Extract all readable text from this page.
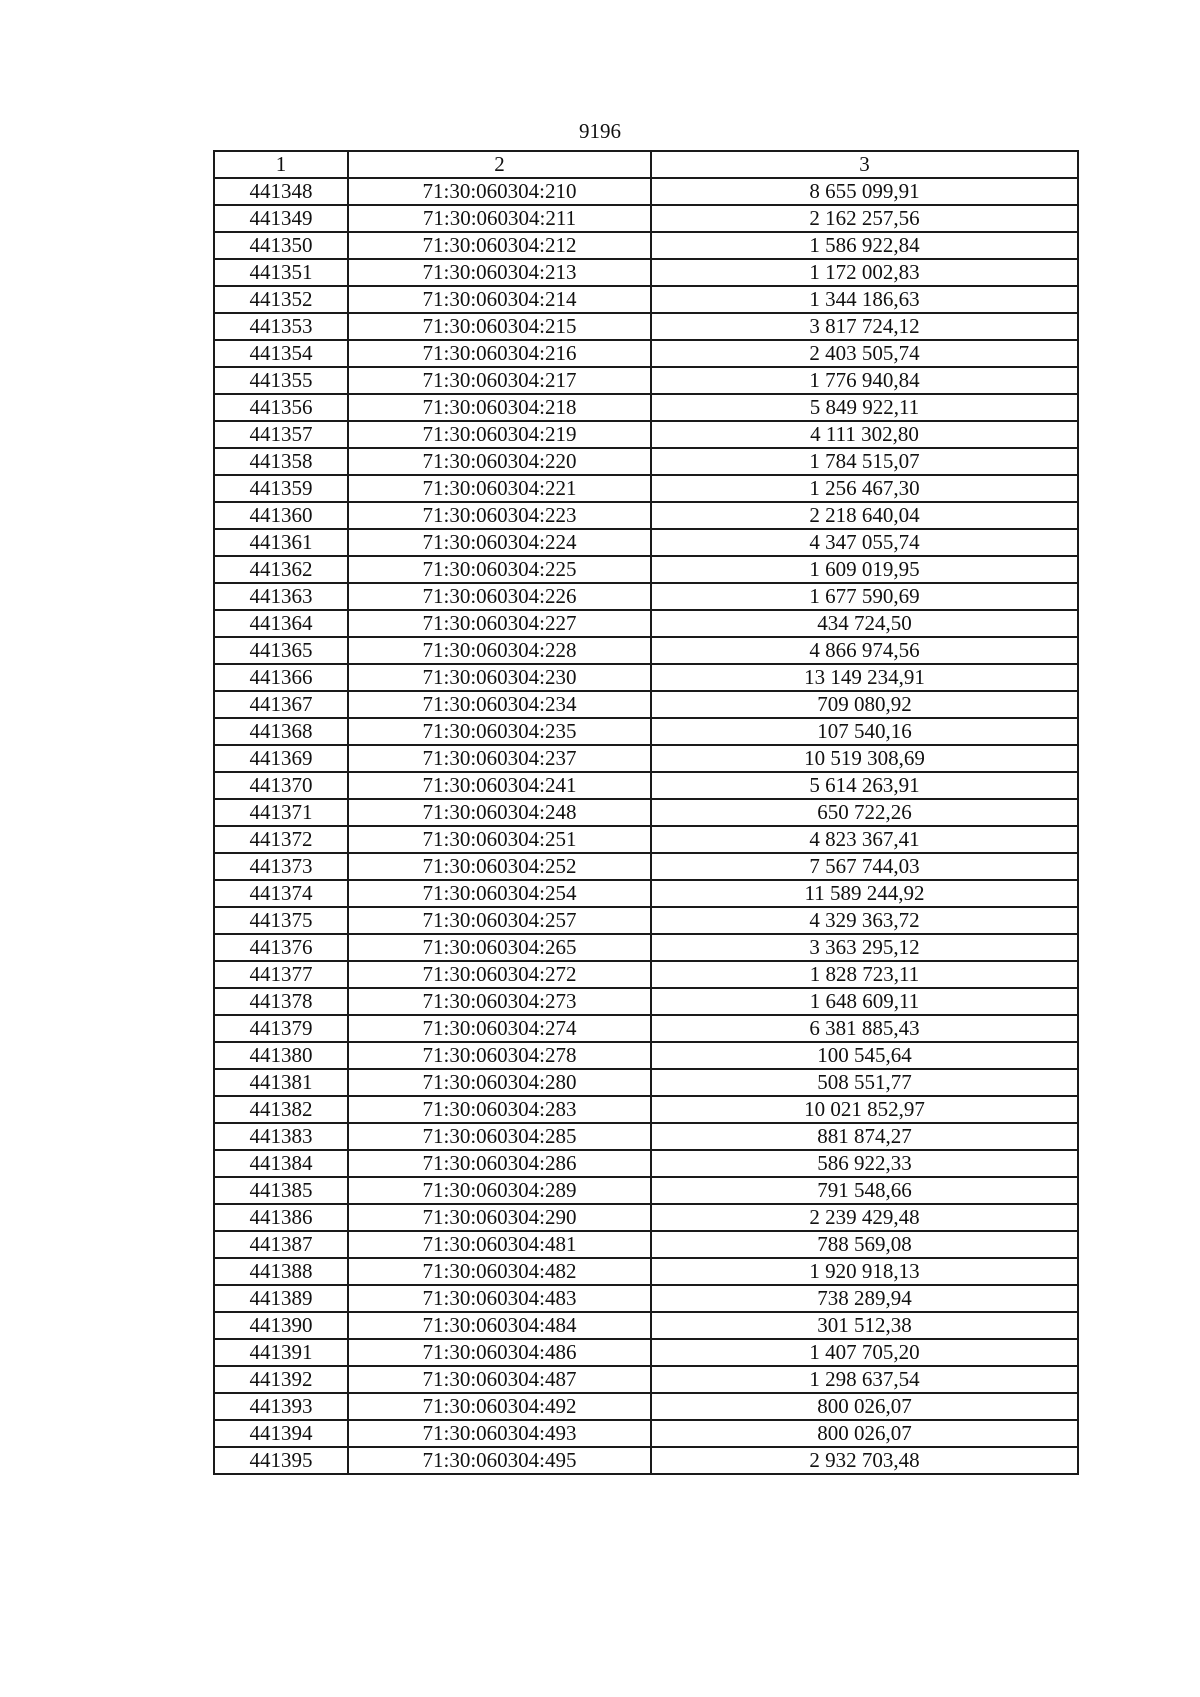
9196
1	2	3
441348	71:30:060304:210	8 655 099,91
441349	71:30:060304:211	2 162 257,56
441350	71:30:060304:212	1 586 922,84
441351	71:30:060304:213	1 172 002,83
441352	71:30:060304:214	1 344 186,63
441353	71:30:060304:215	3 817 724,12
441354	71:30:060304:216	2 403 505,74
441355	71:30:060304:217	1 776 940,84
441356	71:30:060304:218	5 849 922,11
441357	71:30:060304:219	4 111 302,80
441358	71:30:060304:220	1 784 515,07
441359	71:30:060304:221	1 256 467,30
441360	71:30:060304:223	2 218 640,04
441361	71:30:060304:224	4 347 055,74
441362	71:30:060304:225	1 609 019,95
441363	71:30:060304:226	1 677 590,69
441364	71:30:060304:227	434 724,50
441365	71:30:060304:228	4 866 974,56
441366	71:30:060304:230	13 149 234,91
441367	71:30:060304:234	709 080,92
441368	71:30:060304:235	107 540,16
441369	71:30:060304:237	10 519 308,69
441370	71:30:060304:241	5 614 263,91
441371	71:30:060304:248	650 722,26
441372	71:30:060304:251	4 823 367,41
441373	71:30:060304:252	7 567 744,03
441374	71:30:060304:254	11 589 244,92
441375	71:30:060304:257	4 329 363,72
441376	71:30:060304:265	3 363 295,12
441377	71:30:060304:272	1 828 723,11
441378	71:30:060304:273	1 648 609,11
441379	71:30:060304:274	6 381 885,43
441380	71:30:060304:278	100 545,64
441381	71:30:060304:280	508 551,77
441382	71:30:060304:283	10 021 852,97
441383	71:30:060304:285	881 874,27
441384	71:30:060304:286	586 922,33
441385	71:30:060304:289	791 548,66
441386	71:30:060304:290	2 239 429,48
441387	71:30:060304:481	788 569,08
441388	71:30:060304:482	1 920 918,13
441389	71:30:060304:483	738 289,94
441390	71:30:060304:484	301 512,38
441391	71:30:060304:486	1 407 705,20
441392	71:30:060304:487	1 298 637,54
441393	71:30:060304:492	800 026,07
441394	71:30:060304:493	800 026,07
441395	71:30:060304:495	2 932 703,48
